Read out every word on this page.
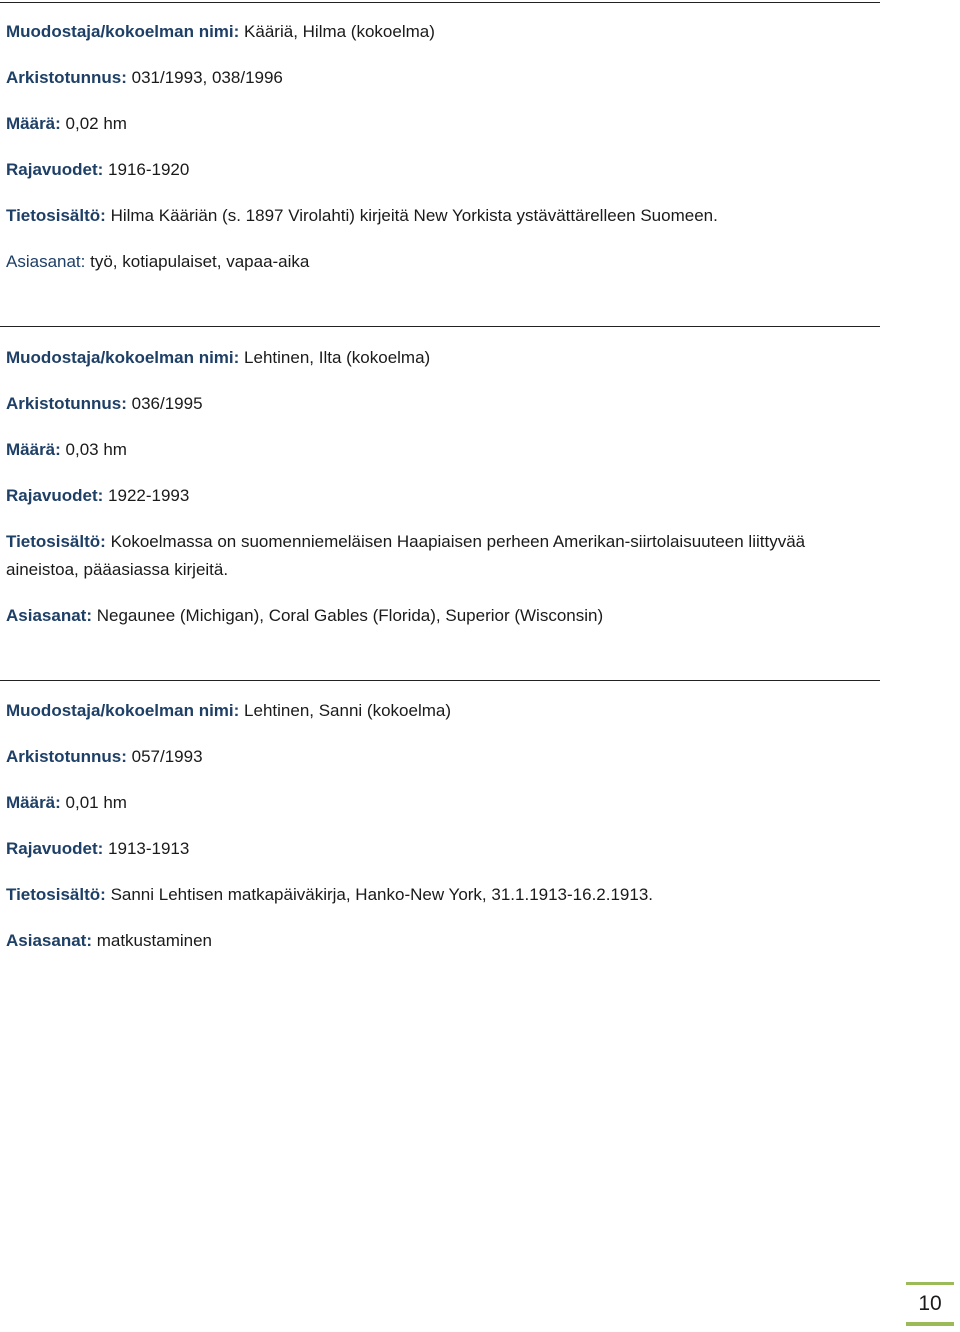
Muodostaja/kokoelman nimi: Kääriä, Hilma (kokoelma)
Arkistotunnus: 031/1993, 038/1996
Määrä: 0,02 hm
Rajavuodet: 1916-1920
Tietosisältö: Hilma Kääriän (s. 1897 Virolahti) kirjeitä New Yorkista ystävättärelleen Suomeen.
Asiasanat: työ, kotiapulaiset, vapaa-aika
Muodostaja/kokoelman nimi: Lehtinen, Ilta (kokoelma)
Arkistotunnus: 036/1995
Määrä: 0,03 hm
Rajavuodet: 1922-1993
Tietosisältö: Kokoelmassa on suomenniemeläisen Haapiaisen perheen Amerikan-siirtolaisuuteen liittyvää aineistoa, pääasiassa kirjeitä.
Asiasanat: Negaunee (Michigan), Coral Gables (Florida), Superior (Wisconsin)
Muodostaja/kokoelman nimi: Lehtinen, Sanni (kokoelma)
Arkistotunnus: 057/1993
Määrä: 0,01 hm
Rajavuodet: 1913-1913
Tietosisältö: Sanni Lehtisen matkapäiväkirja, Hanko-New York, 31.1.1913-16.2.1913.
Asiasanat: matkustaminen
10
